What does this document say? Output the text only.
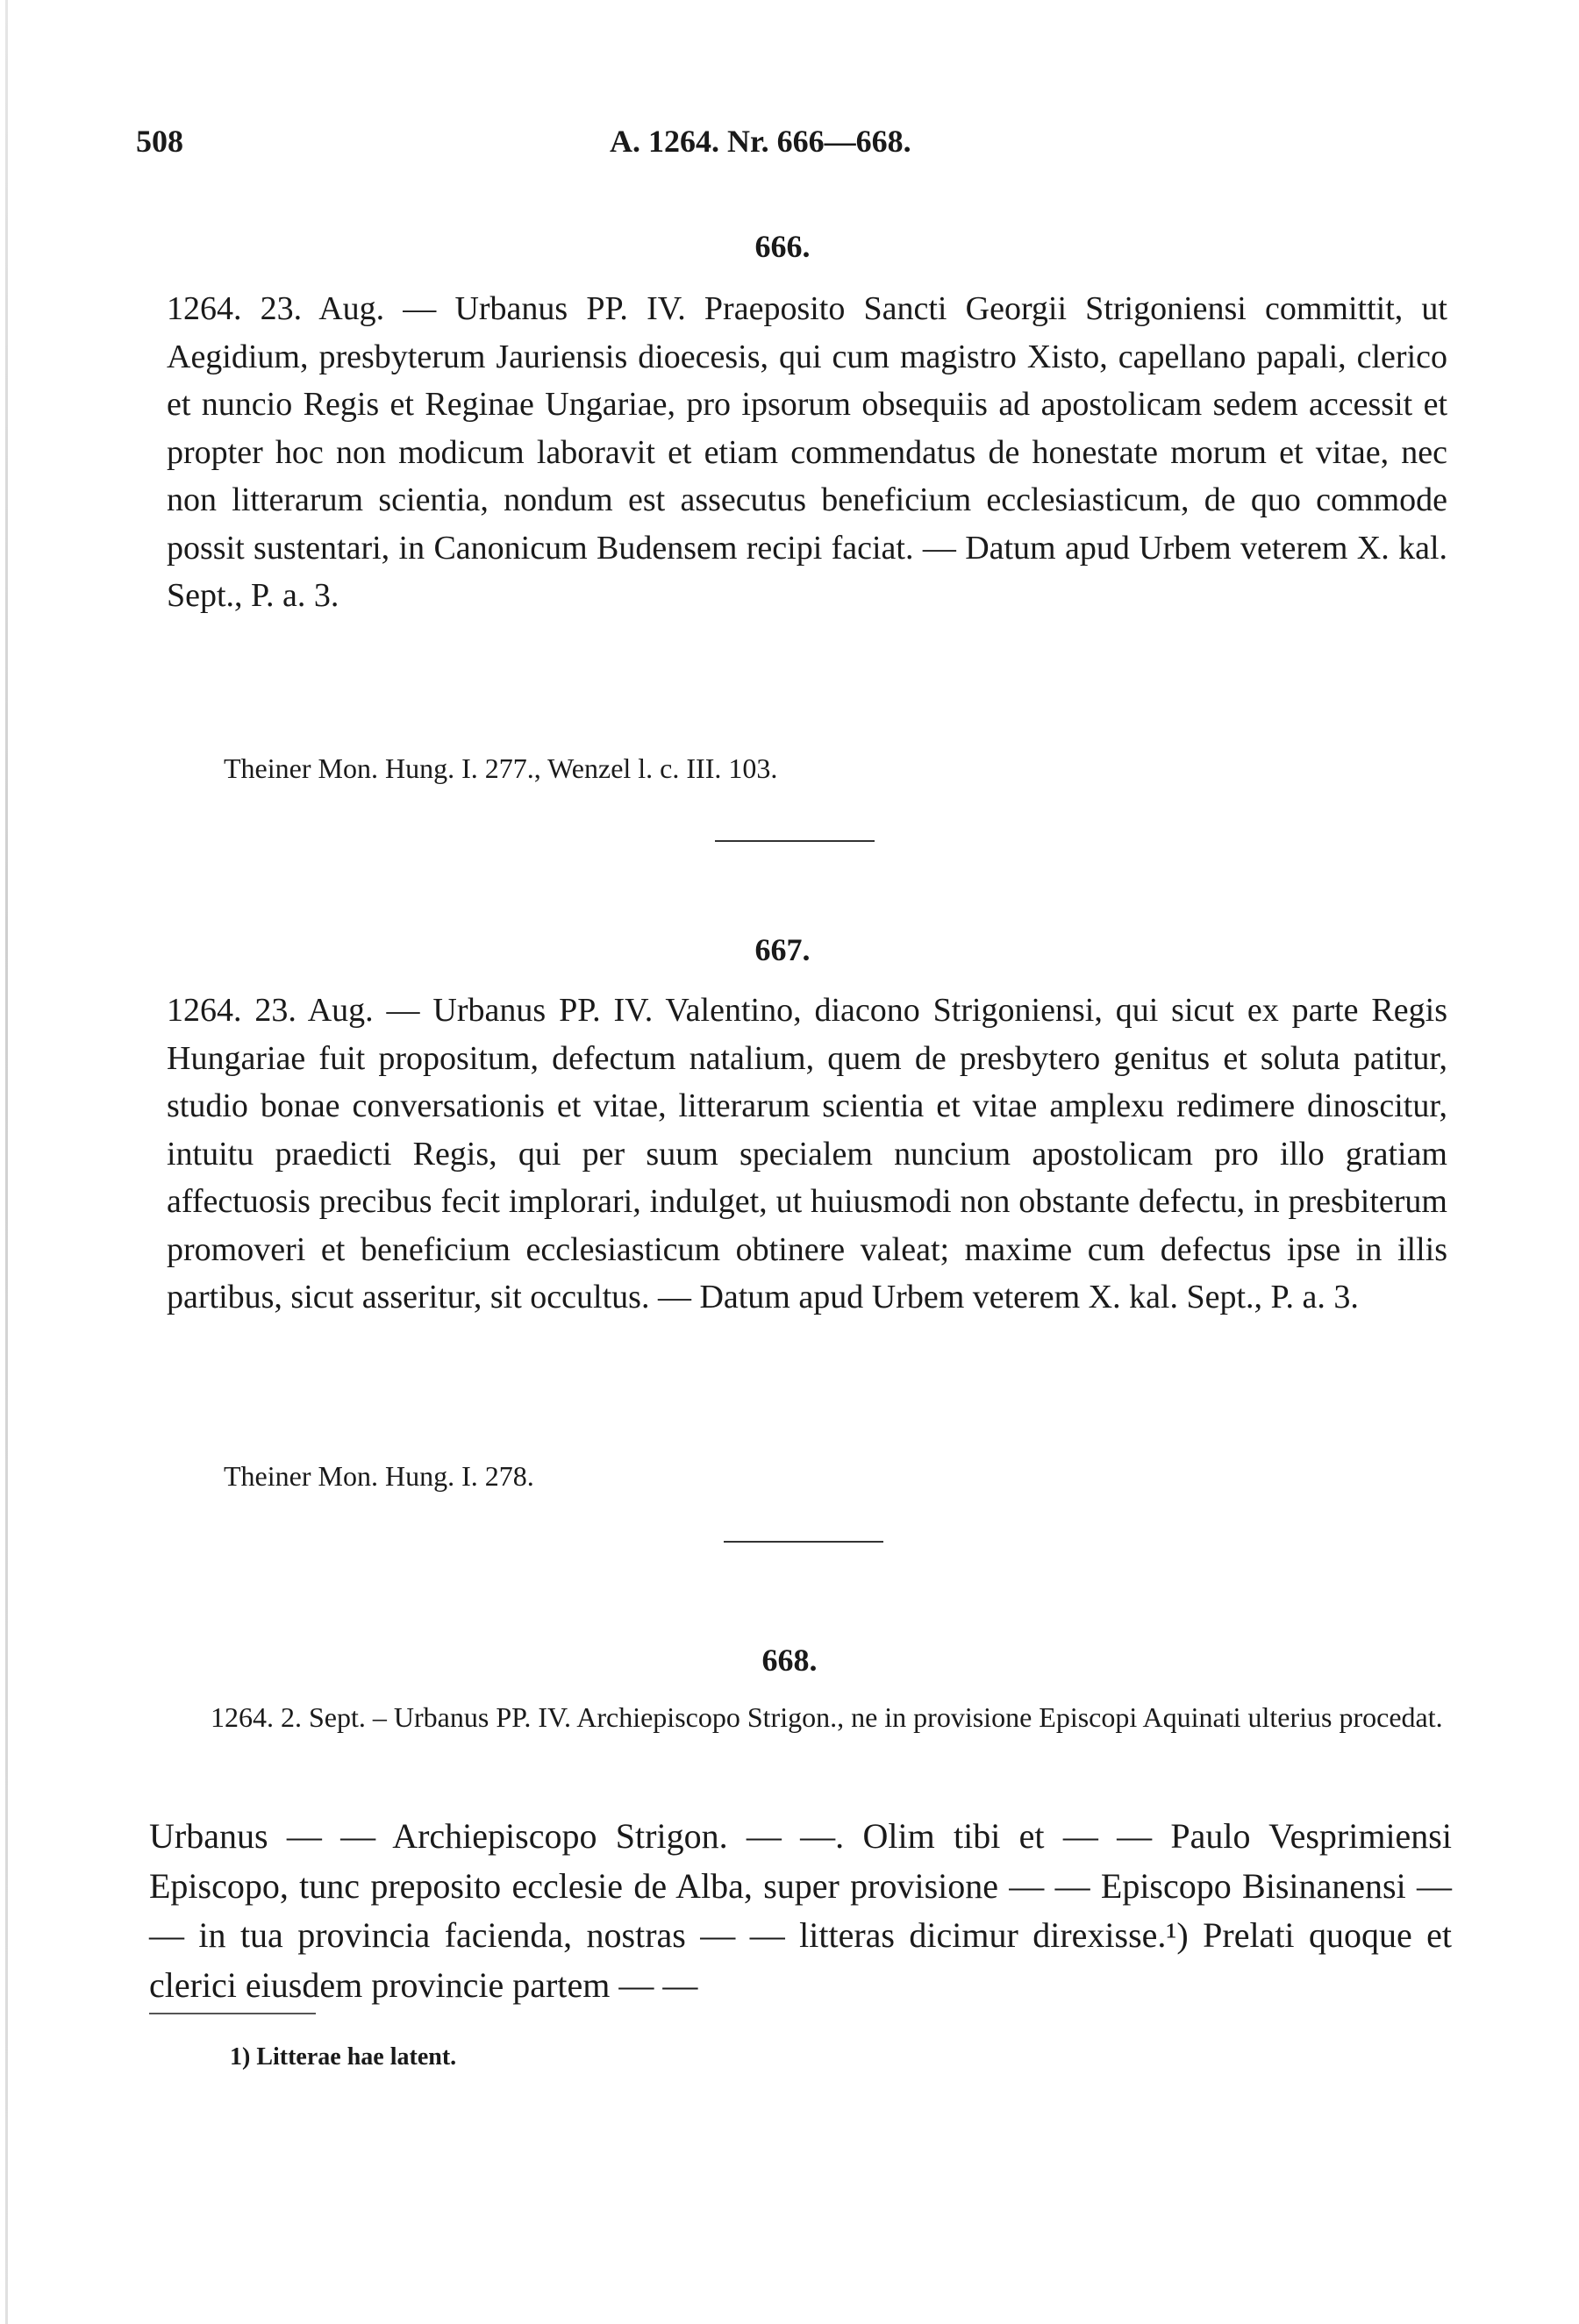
508	A. 1264. Nr. 666—668.
666.

1264. 23. Aug. — Urbanus PP. IV. Praeposito Sancti Georgii Strigoniensi committit, ut Aegidium, presbyterum Jauriensis dioecesis, qui cum magistro Xisto, capellano papali, clerico et nuncio Regis et Reginae Ungariae, pro ipsorum obsequiis ad apostolicam sedem accessit et propter hoc non modicum laboravit et etiam commendatus de honestate morum et vitae, nec non litterarum scientia, nondum est assecutus beneficium ecclesiasticum, de quo commode possit sustentari, in Canonicum Budensem recipi faciat. — Datum apud Urbem veterem X. kal. Sept., P. a. 3.

Theiner Mon. Hung. I. 277., Wenzel l. c. III. 103.

667.

1264. 23. Aug. — Urbanus PP. IV. Valentino, diacono Strigoniensi, qui sicut ex parte Regis Hungariae fuit propositum, defectum natalium, quem de presbytero genitus et soluta patitur, studio bonae conversationis et vitae, litterarum scientia et vitae amplexu redimere dinoscitur, intuitu praedicti Regis, qui per suum specialem nuncium apostolicam pro illo gratiam affectuosis precibus fecit implorari, indulget, ut huiusmodi non obstante defectu, in presbiterum promoveri et beneficium ecclesiasticum obtinere valeat; maxime cum defectus ipse in illis partibus, sicut asseritur, sit occultus. — Datum apud Urbem veterem X. kal. Sept., P. a. 3.

Theiner Mon. Hung. I. 278.

668.

1264. 2. Sept. – Urbanus PP. IV. Archiepiscopo Strigon., ne in provisione Episcopi Aquinati ulterius procedat.

Urbanus — — Archiepiscopo Strigon. — —. Olim tibi et — — Paulo Vesprimiensi Episcopo, tunc preposito ecclesie de Alba, super provisione — — Episcopo Bisinanensi — — in tua provincia facienda, nostras — — litteras dicimur direxisse.¹) Prelati quoque et clerici eiusdem provincie partem — —

1) Litterae hae latent.
